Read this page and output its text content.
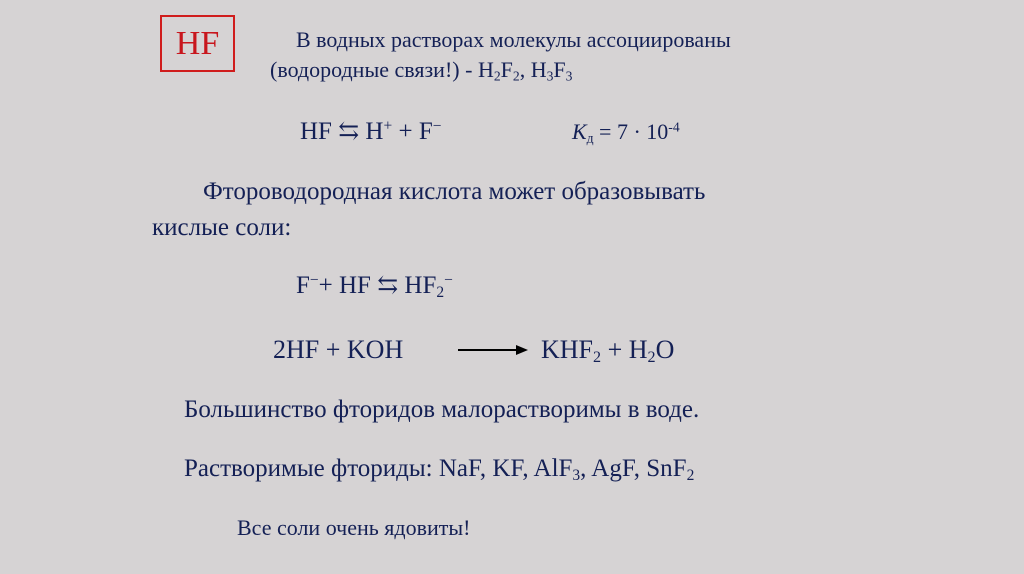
HF	В водных растворах молекулы ассоциированы
(водородные связи!) - $H_2F_2$, $H_3F_3$
HF ⇆ H+ + F−	$К_д = 7 \cdot 10^{-4}$
Фтороводородная кислота может образовывать
кислые соли:
F−+ HF ⇆ $HF_2^-$
2HF + KOH	$KHF_2 + H_2O$
Большинство фторидов малорастворимы в воде.
Растворимые фториды: NaF, KF, AlF$_3$, AgF, SnF$_2$
Все соли очень ядовиты!
